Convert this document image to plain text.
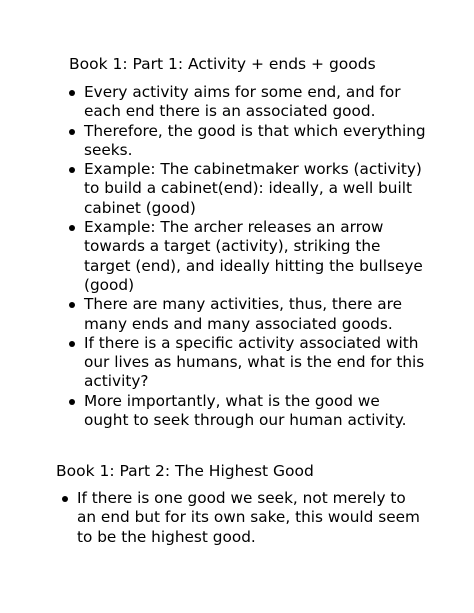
Book 1: Part 1: Activity + ends + goods

Every activity aims for some end, and for each end there is an associated good.
Therefore, the good is that which everything seeks.
Example: The cabinetmaker works (activity) to build a cabinet(end): ideally, a well built cabinet (good)
Example: The archer releases an arrow towards a target (activity), striking the target (end), and ideally hitting the bullseye (good)
There are many activities, thus, there are many ends and many associated goods.
If there is a specific activity associated with our lives as humans, what is the end for this activity?
More importantly, what is the good we ought to seek through our human activity.

Book 1: Part 2: The Highest Good

If there is one good we seek, not merely to an end but for its own sake, this would seem to be the highest good.
